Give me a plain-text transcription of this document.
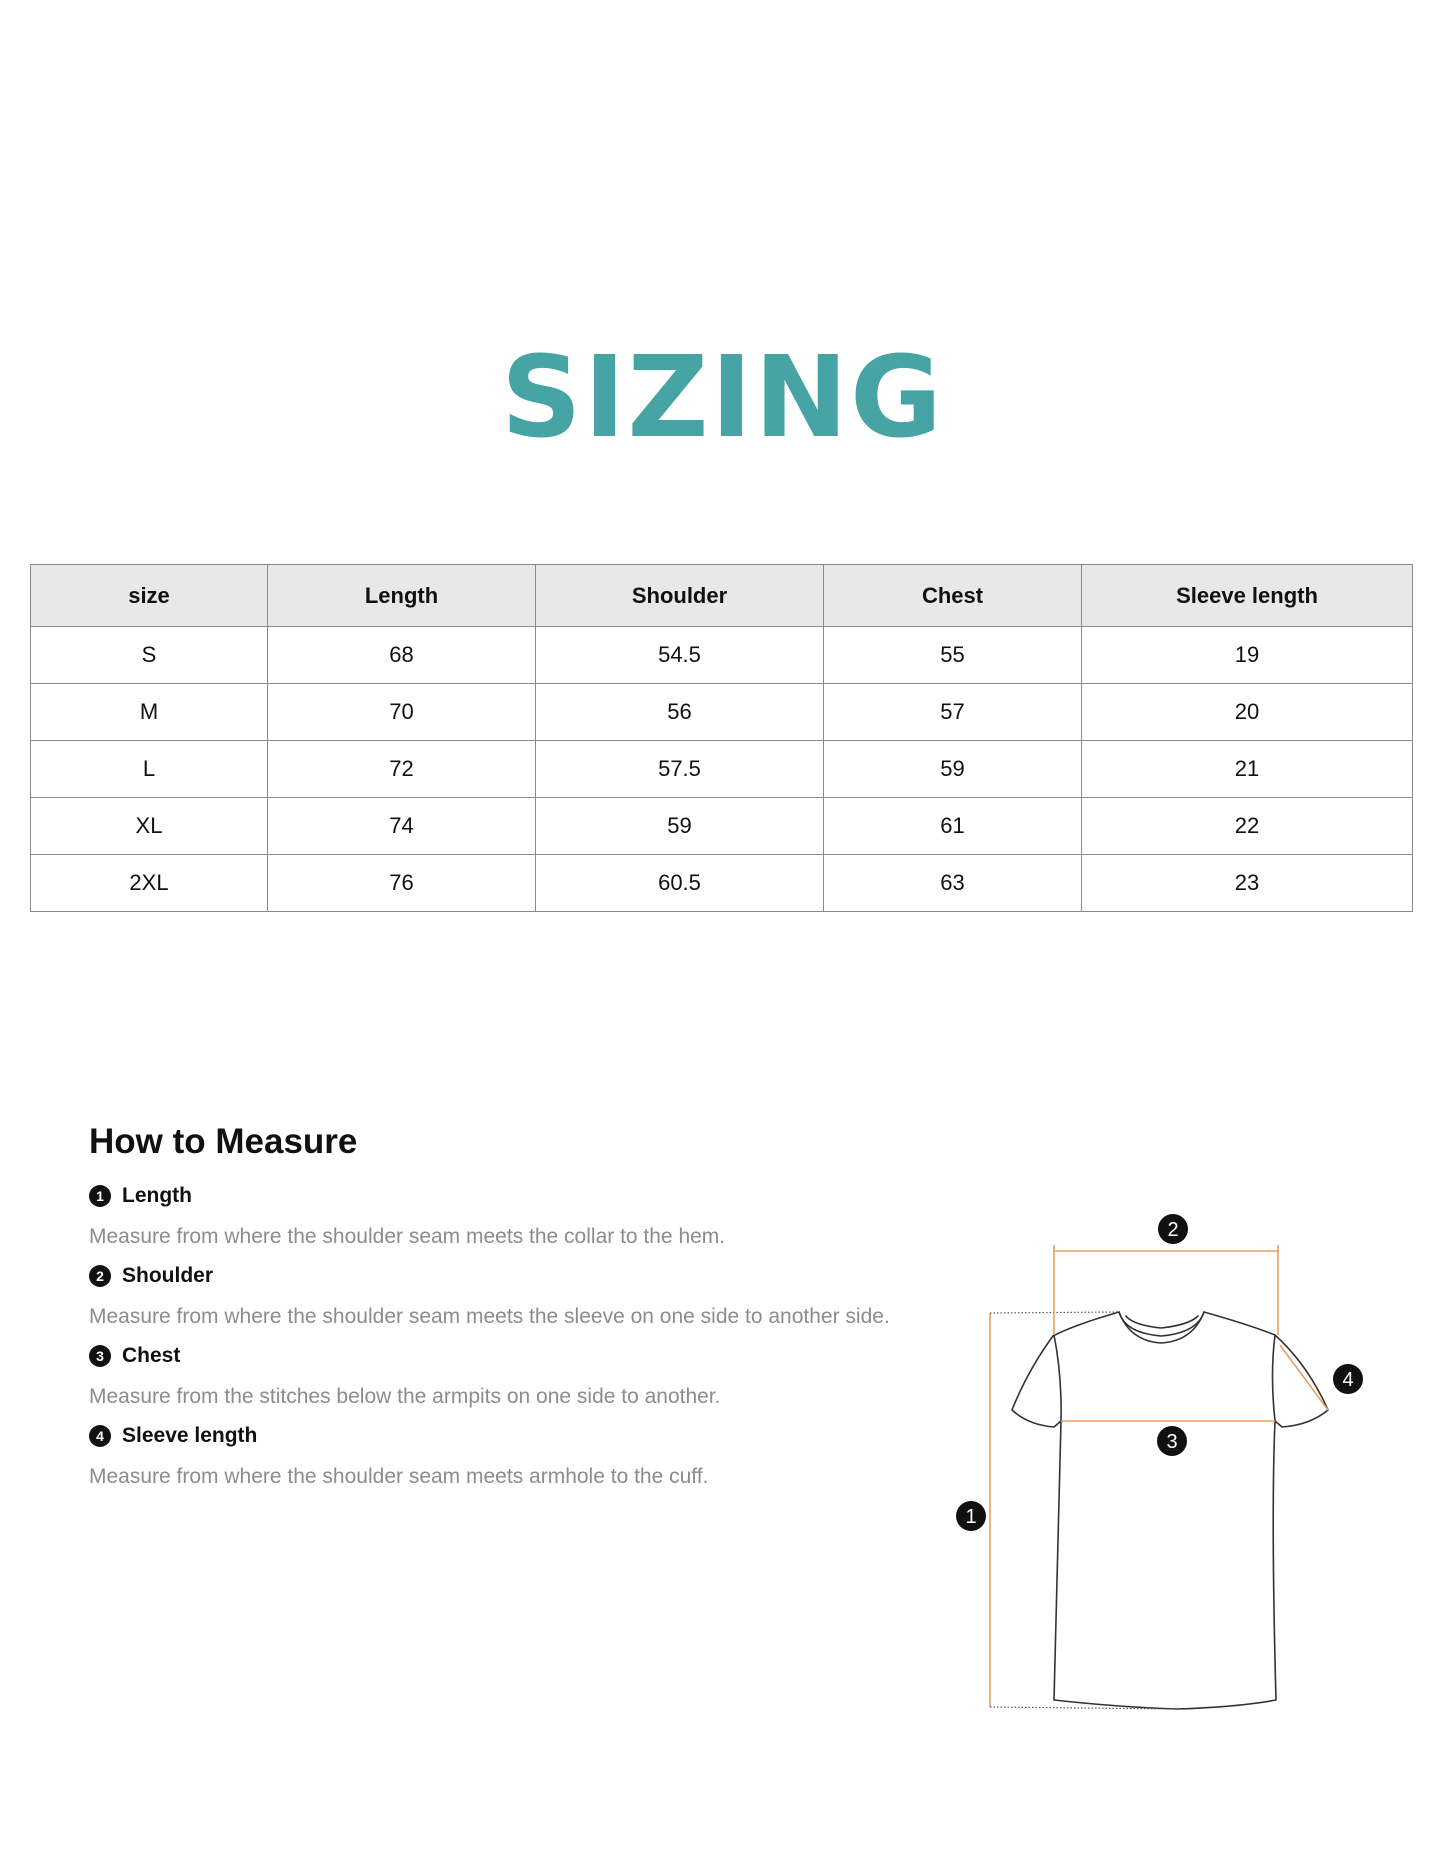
SIZING
size	Length	Shoulder	Chest	Sleeve length
S	68	54.5	55	19
M	70	56	57	20
L	72	57.5	59	21
XL	74	59	61	22
2XL	76	60.5	63	23
How to Measure
1 Length
Measure from where the shoulder seam meets the collar to the hem.
2 Shoulder
Measure from where the shoulder seam meets the sleeve on one side to another side.
3 Chest
Measure from the stitches below the armpits on one side to another.
4 Sleeve length
Measure from where the shoulder seam meets armhole to the cuff.
1
2
3
4
